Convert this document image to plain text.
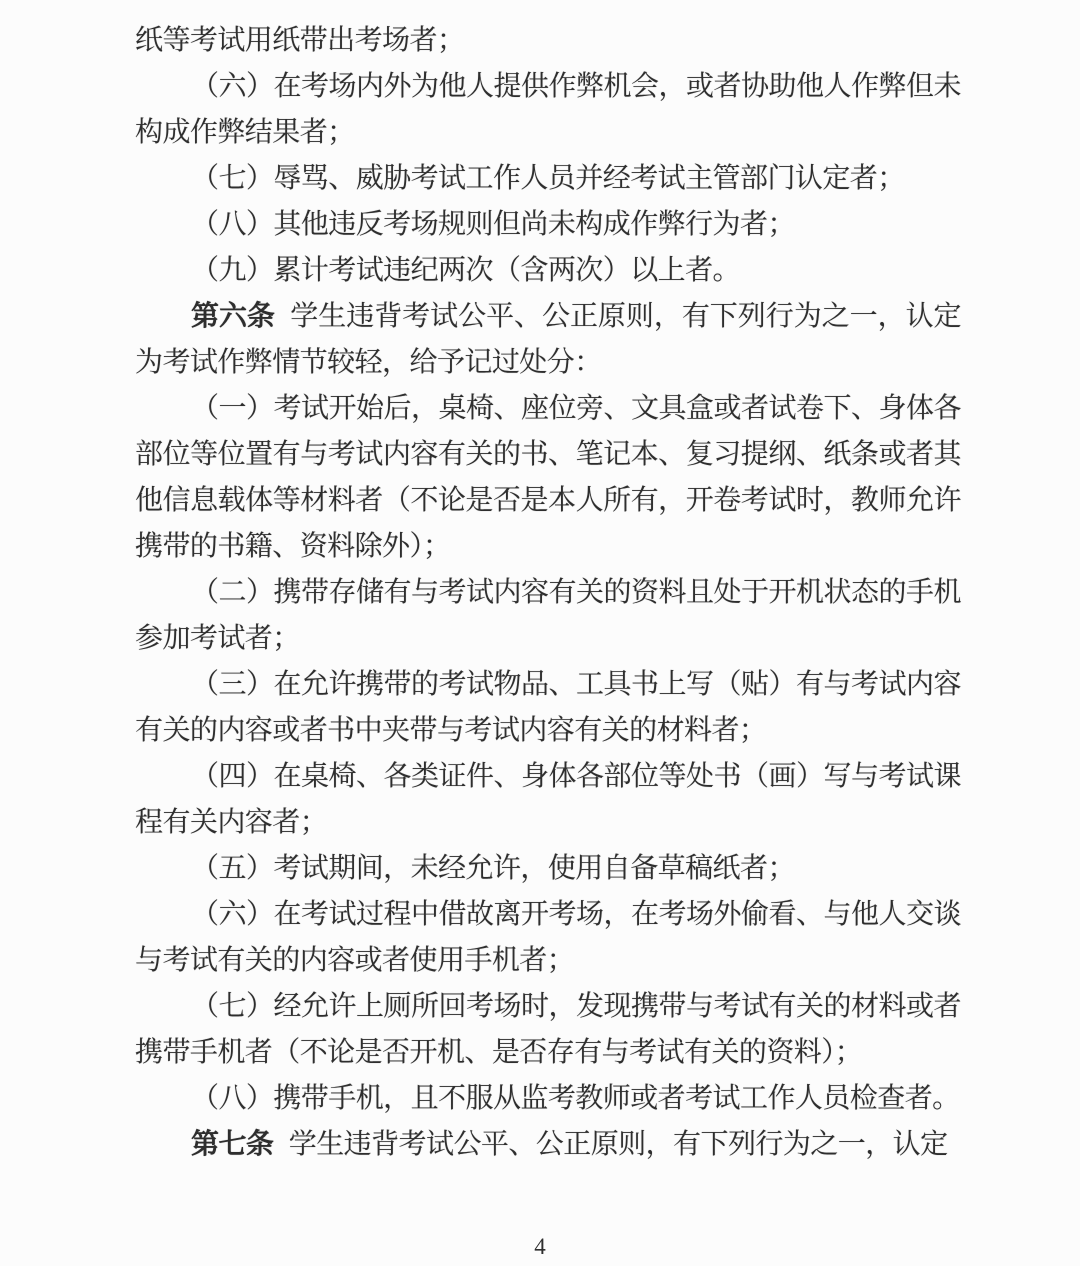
纸等考试用纸带出考场者；

（六）在考场内外为他人提供作弊机会，或者协助他人作弊但未构成作弊结果者；

（七）辱骂、威胁考试工作人员并经考试主管部门认定者；

（八）其他违反考场规则但尚未构成作弊行为者；

（九）累计考试违纪两次（含两次）以上者。

第六条 学生违背考试公平、公正原则，有下列行为之一，认定为考试作弊情节较轻，给予记过处分：

（一）考试开始后，桌椅、座位旁、文具盒或者试卷下、身体各部位等位置有与考试内容有关的书、笔记本、复习提纲、纸条或者其他信息载体等材料者（不论是否是本人所有，开卷考试时，教师允许携带的书籍、资料除外）；

（二）携带存储有与考试内容有关的资料且处于开机状态的手机参加考试者；

（三）在允许携带的考试物品、工具书上写（贴）有与考试内容有关的内容或者书中夹带与考试内容有关的材料者；

（四）在桌椅、各类证件、身体各部位等处书（画）写与考试课程有关内容者；

（五）考试期间，未经允许，使用自备草稿纸者；

（六）在考试过程中借故离开考场，在考场外偷看、与他人交谈与考试有关的内容或者使用手机者；

（七）经允许上厕所回考场时，发现携带与考试有关的材料或者携带手机者（不论是否开机、是否存有与考试有关的资料）；

（八）携带手机，且不服从监考教师或者考试工作人员检查者。

第七条 学生违背考试公平、公正原则，有下列行为之一，认定

4
